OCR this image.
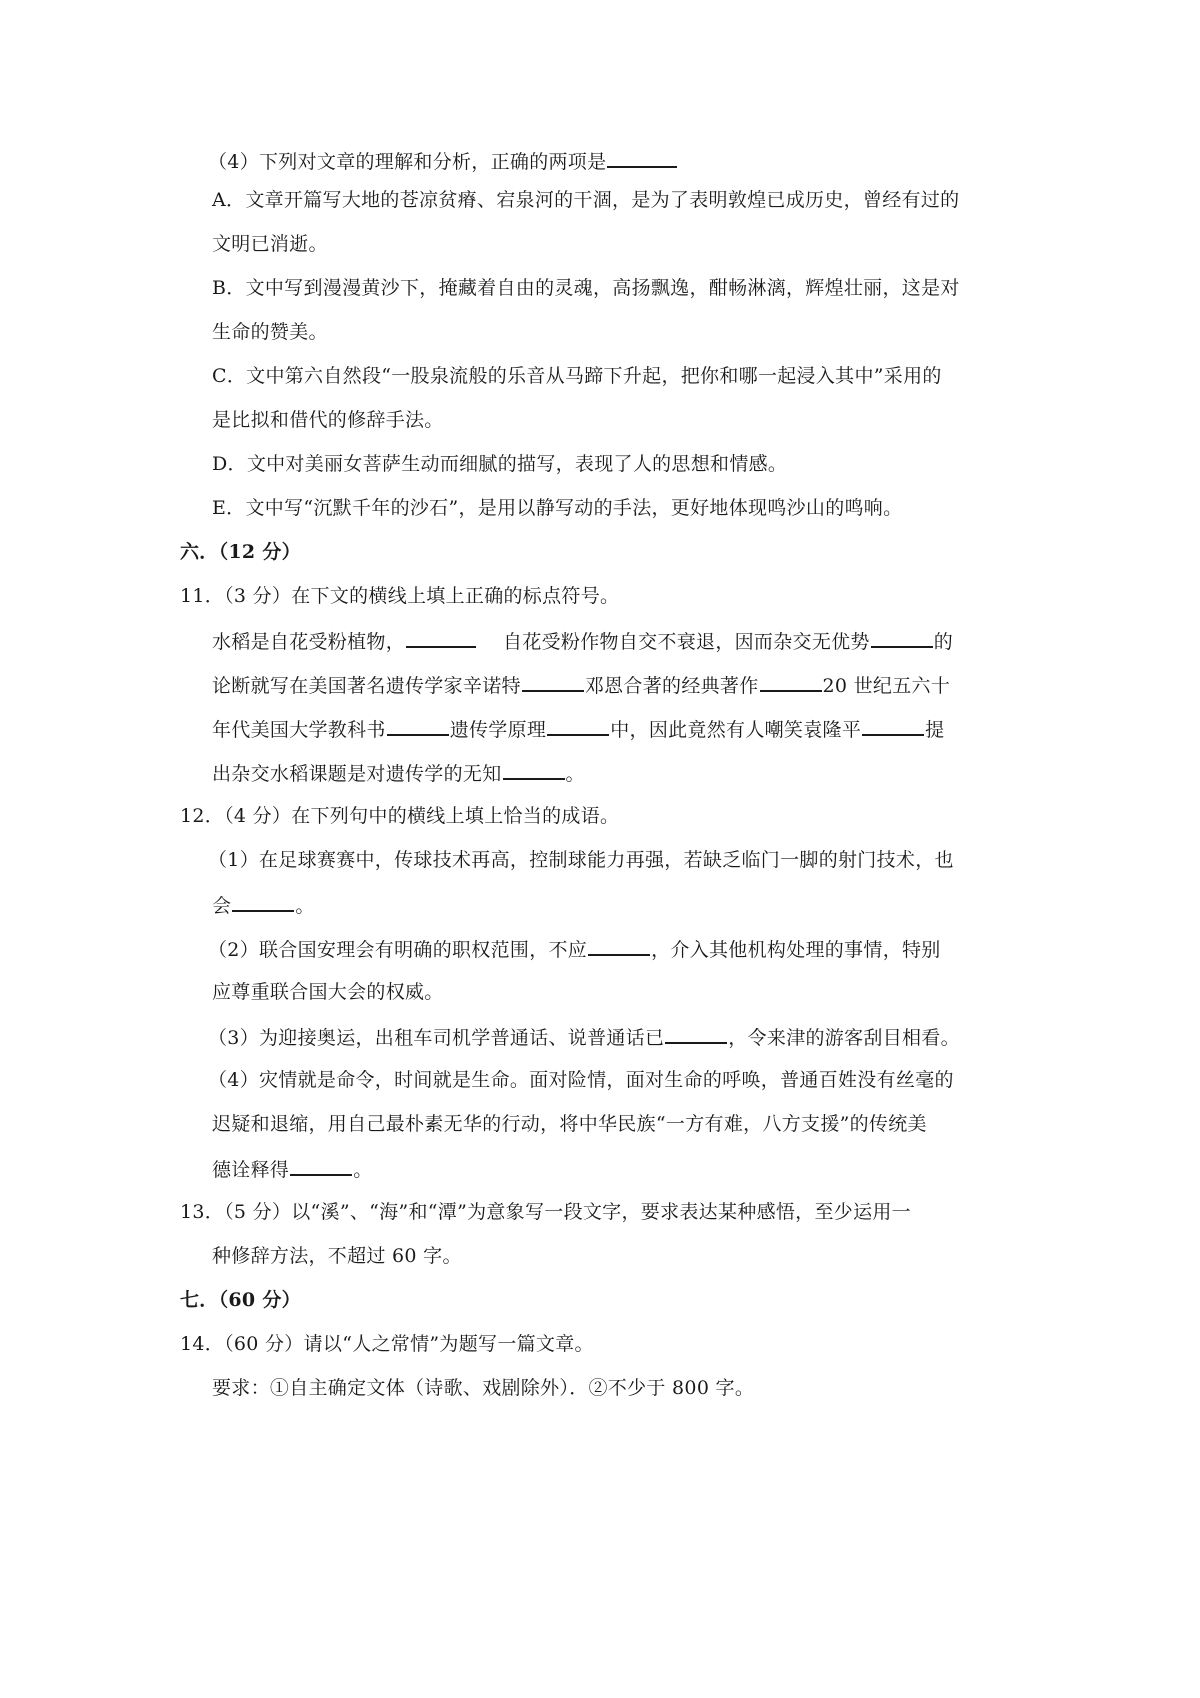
（4）下列对文章的理解和分析，正确的两项是
A．文章开篇写大地的苍凉贫瘠、宕泉河的干涸，是为了表明敦煌已成历史，曾经有过的
文明已消逝。
B．文中写到漫漫黄沙下，掩藏着自由的灵魂，高扬飘逸，酣畅淋漓，辉煌壮丽，这是对
生命的赞美。
C．文中第六自然段“一股泉流般的乐音从马蹄下升起，把你和哪一起浸入其中”采用的
是比拟和借代的修辞手法。
D．文中对美丽女菩萨生动而细腻的描写，表现了人的思想和情感。
E．文中写“沉默千年的沙石”，是用以静写动的手法，更好地体现鸣沙山的鸣响。
六．（12 分）
11．（3 分）在下文的横线上填上正确的标点符号。
水稻是自花受粉植物，	自花受粉作物自交不衰退，因而杂交无优势	的
论断就写在美国著名遗传学家辛诺特	邓恩合著的经典著作	20 世纪五六十
年代美国大学教科书	遗传学原理	中，因此竟然有人嘲笑袁隆平	提
出杂交水稻课题是对遗传学的无知	。
12．（4 分）在下列句中的横线上填上恰当的成语。
（1）在足球赛赛中，传球技术再高，控制球能力再强，若缺乏临门一脚的射门技术，也
会	。
（2）联合国安理会有明确的职权范围，不应	，介入其他机构处理的事情，特别
应尊重联合国大会的权威。
（3）为迎接奥运，出租车司机学普通话、说普通话已	，令来津的游客刮目相看。
（4）灾情就是命令，时间就是生命。面对险情，面对生命的呼唤，普通百姓没有丝毫的
迟疑和退缩，用自己最朴素无华的行动，将中华民族“一方有难，八方支援”的传统美
德诠释得	。
13．（5 分）以“溪”、“海”和“潭”为意象写一段文字，要求表达某种感悟，至少运用一
种修辞方法，不超过 60 字。
七．（60 分）
14．（60 分）请以“人之常情”为题写一篇文章。
要求：①自主确定文体（诗歌、戏剧除外）．②不少于 800 字。
